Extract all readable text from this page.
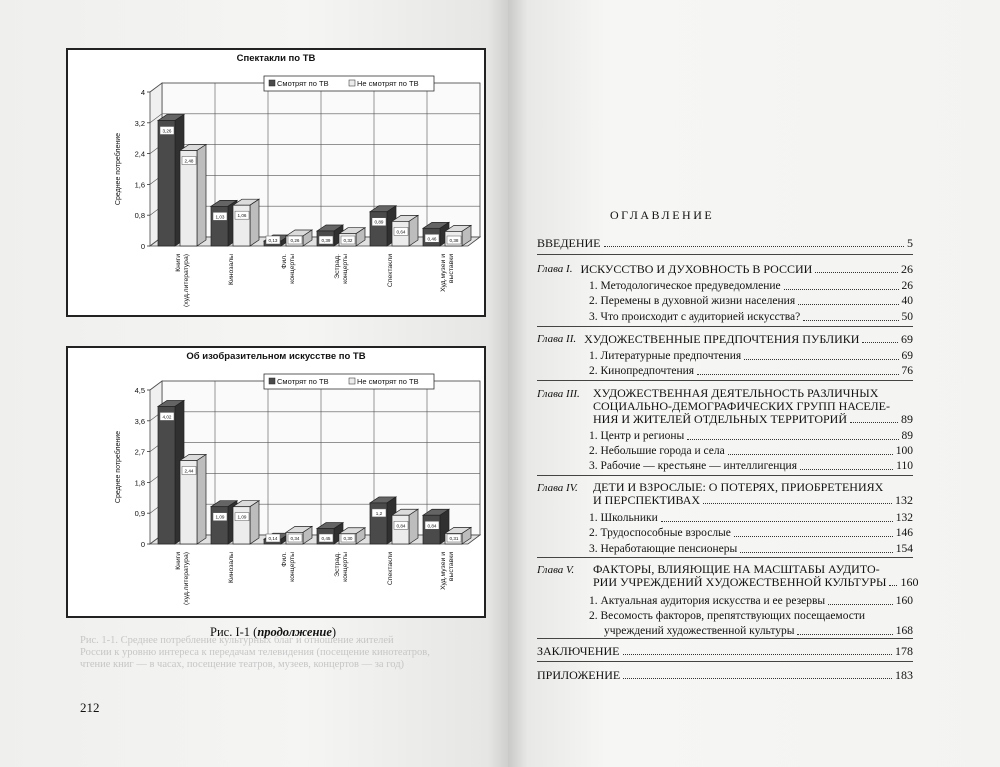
Спектакли по ТВ
0
0,8
1,6
2,4
3,2
4
Среднее потребление
3,26
2,48
Книги(худ.литература)
1,03	1,06
Кинозалы
0,13	0,26
Фил.концерты
0,39	0,32
Эстрад.концерты
0,89
0,64
Спектакли
0,46	0,38
Худ.музеи ивыставки
Смотрят по ТВ	Не смотрят по ТВ
Об изобразительном искусстве по ТВ
0
0,9
1,8
2,7
3,6
4,5
Среднее потребление
4,02
2,44
Книги(худ.литература)
1,09	1,09
Кинозалы
0,14	0,34
Фил.концерты
0,45	0,30
Эстрад.концерты
1,2
0,84
Спектакли
0,84
0,31
Худ.музеи ивыставки
Смотрят по ТВ	Не смотрят по ТВ
Рис. I-1 (продолжение)
Рис. 1-1. Среднее потребление культурных благ и отношение жителей
России к уровню интереса к передачам телевидения (посещение кинотеатров,
чтение книг — в часах, посещение театров, музеев, концертов — за год)
212
ОГЛАВЛЕНИЕ
ВВЕДЕНИЕ	5
Глава I. ИСКУССТВО И ДУХОВНОСТЬ В РОССИИ	26
1. Методологическое предуведомление	26
2. Перемены в духовной жизни населения	40
3. Что происходит с аудиторией искусства?	50
Глава II. ХУДОЖЕСТВЕННЫЕ ПРЕДПОЧТЕНИЯ ПУБЛИКИ	69
1. Литературные предпочтения	69
2. Кинопредпочтения	76
Глава III. ХУДОЖЕСТВЕННАЯ ДЕЯТЕЛЬНОСТЬ РАЗЛИЧНЫХ
СОЦИАЛЬНО-ДЕМОГРАФИЧЕСКИХ ГРУПП НАСЕЛЕ-
НИЯ И ЖИТЕЛЕЙ ОТДЕЛЬНЫХ ТЕРРИТОРИЙ	89
1. Центр и регионы	89
2. Небольшие города и села	100
3. Рабочие — крестьяне — интеллигенция	110
Глава IV. ДЕТИ И ВЗРОСЛЫЕ: О ПОТЕРЯХ, ПРИОБРЕТЕНИЯХ
И ПЕРСПЕКТИВАХ	132
1. Школьники	132
2. Трудоспособные взрослые	146
3. Неработающие пенсионеры	154
Глава V. ФАКТОРЫ, ВЛИЯЮЩИЕ НА МАСШТАБЫ АУДИТО-
РИИ УЧРЕЖДЕНИЙ ХУДОЖЕСТВЕННОЙ КУЛЬТУРЫ 160
1. Актуальная аудитория искусства и ее резервы	160
2. Весомость факторов, препятствующих посещаемости
учреждений художественной культуры	168
ЗАКЛЮЧЕНИЕ	178
ПРИЛОЖЕНИЕ	183
